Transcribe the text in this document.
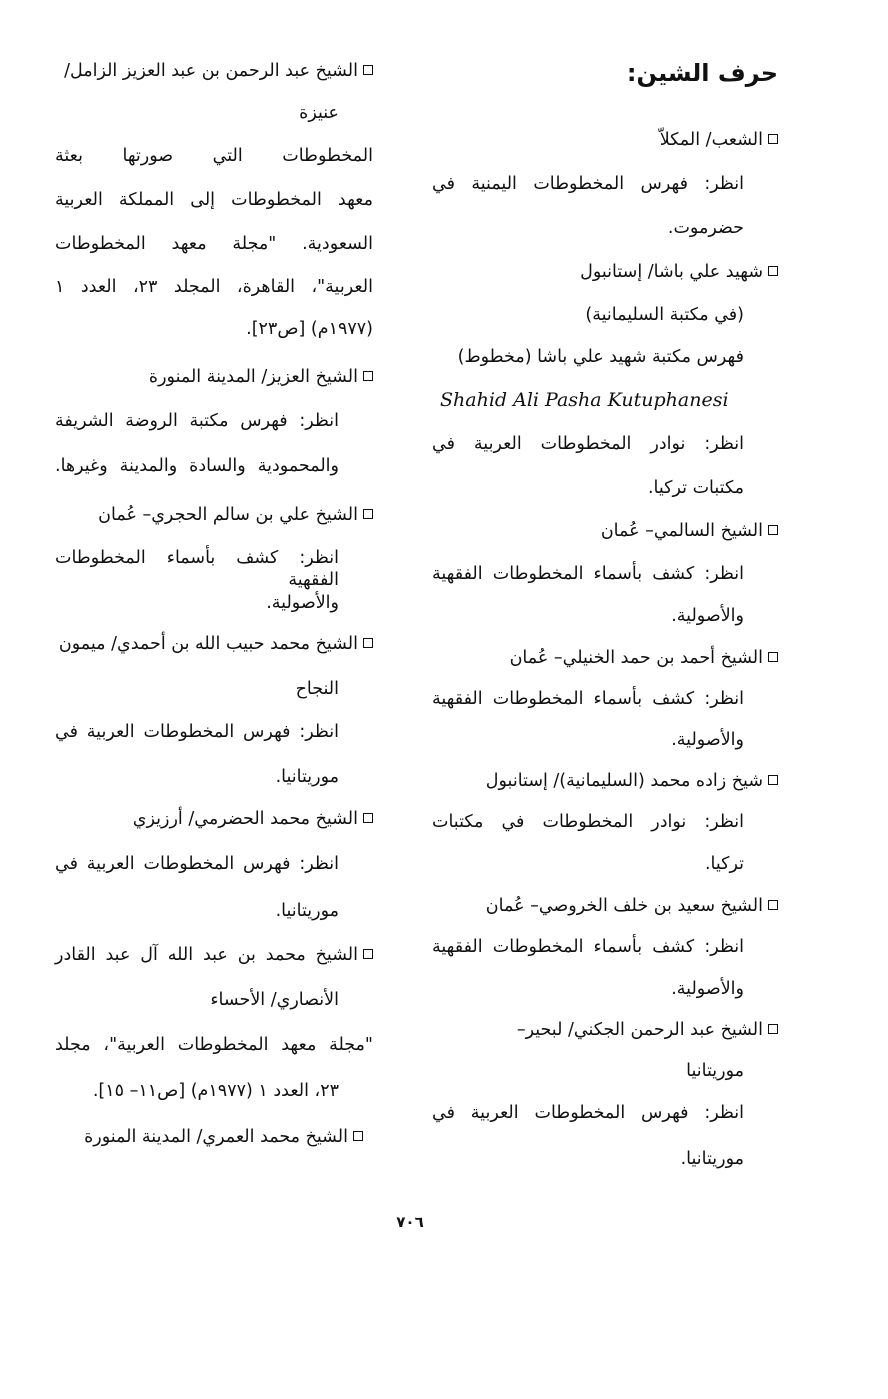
حرف الشين:
الشعب/ المكلاّ
انظر: فهرس المخطوطات اليمنية في
حضرموت.
شهيد علي باشا/ إستانبول
(في مكتبة السليمانية)
فهرس مكتبة شهيد علي باشا (مخطوط)
Shahid Ali Pasha Kutuphanesi
انظر: نوادر المخطوطات العربية في
مكتبات تركيا.
الشيخ السالمي– عُمان
انظر: كشف بأسماء المخطوطات الفقهية
والأصولية.
الشيخ أحمد بن حمد الخنيلي– عُمان
انظر: كشف بأسماء المخطوطات الفقهية
والأصولية.
شيخ زاده محمد (السليمانية)/ إستانبول
انظر: نوادر المخطوطات في مكتبات
تركيا.
الشيخ سعيد بن خلف الخروصي– عُمان
انظر: كشف بأسماء المخطوطات الفقهية
والأصولية.
الشيخ عبد الرحمن الجكني/ لبحير–
موريتانيا
انظر: فهرس المخطوطات العربية في
موريتانيا.
الشيخ عبد الرحمن بن عبد العزيز الزامل/
عنيزة
المخطوطات التي صورتها بعثة
معهد المخطوطات إلى المملكة العربية
السعودية. "مجلة معهد المخطوطات
العربية"، القاهرة، المجلد ٢٣، العدد ١
(١٩٧٧م) [ص٢٣].
الشيخ العزيز/ المدينة المنورة
انظر: فهرس مكتبة الروضة الشريفة
والمحمودية والسادة والمدينة وغيرها.
الشيخ علي بن سالم الحجري– عُمان
انظر: كشف بأسماء المخطوطات الفقهية
والأصولية.
الشيخ محمد حبيب الله بن أحمدي/ ميمون
النجاح
انظر: فهرس المخطوطات العربية في
موريتانيا.
الشيخ محمد الحضرمي/ أرزيزي
انظر: فهرس المخطوطات العربية في
موريتانيا.
الشيخ محمد بن عبد الله آل عبد القادر
الأنصاري/ الأحساء
"مجلة معهد المخطوطات العربية"، مجلد
٢٣، العدد ١ (١٩٧٧م) [ص١١– ١٥].
الشيخ محمد العمري/ المدينة المنورة
٧٠٦
